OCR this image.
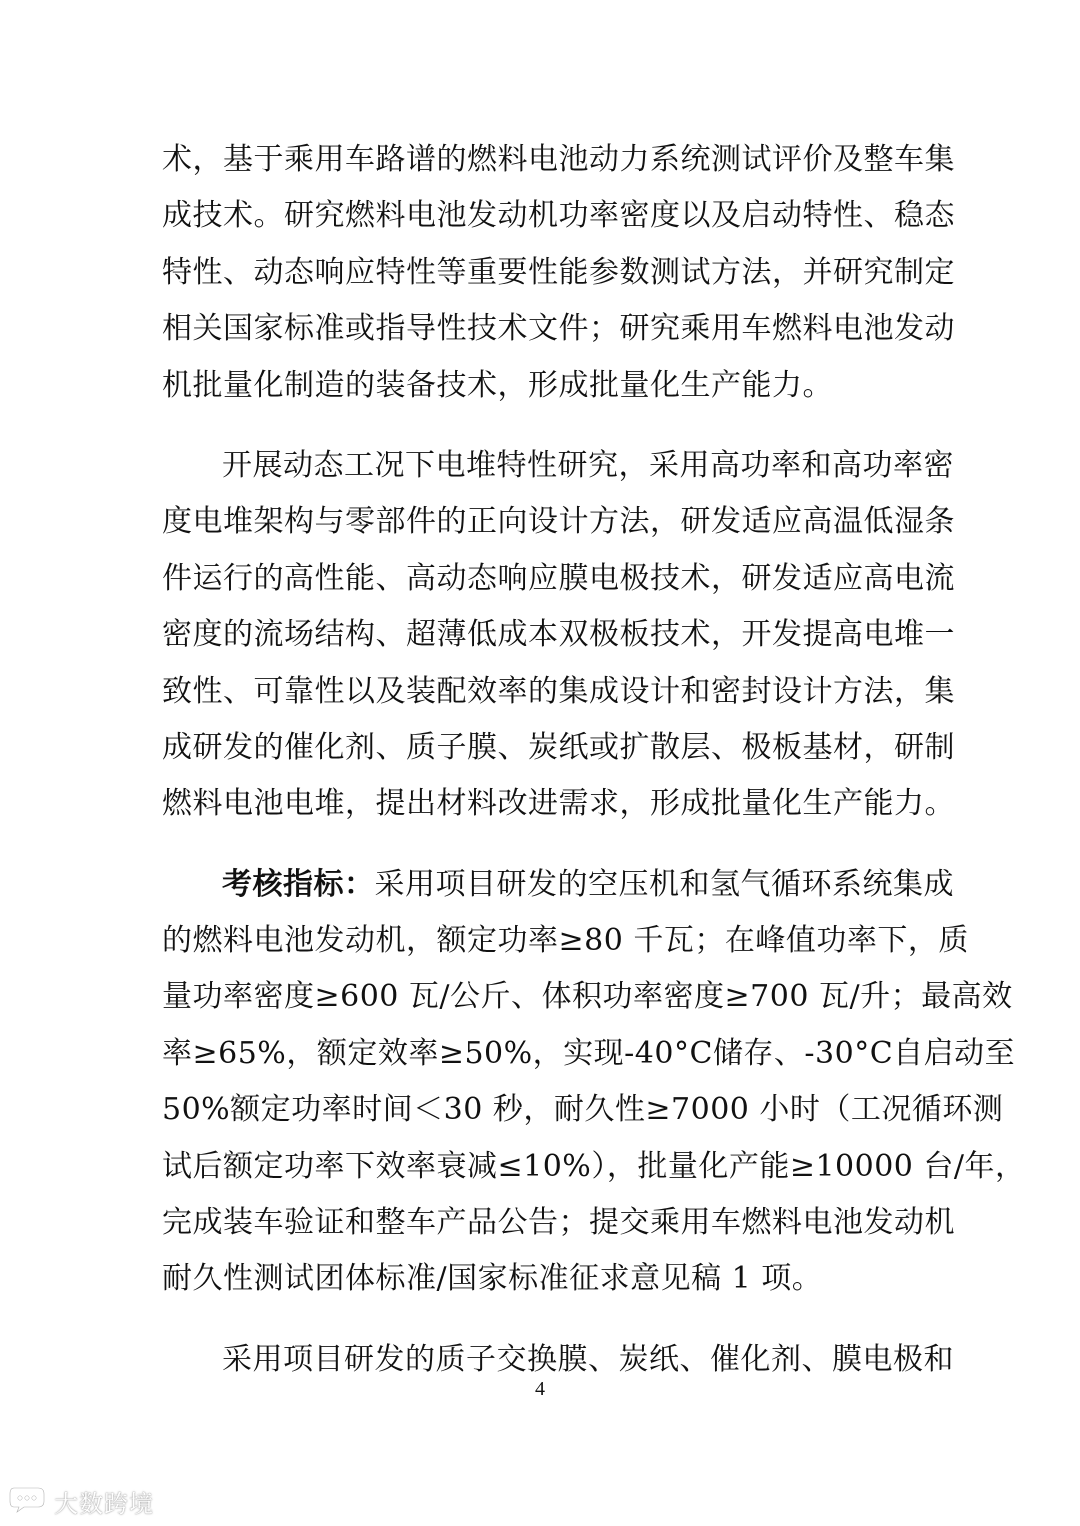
术，基于乘用车路谱的燃料电池动力系统测试评价及整车集
成技术。研究燃料电池发动机功率密度以及启动特性、稳态
特性、动态响应特性等重要性能参数测试方法，并研究制定
相关国家标准或指导性技术文件；研究乘用车燃料电池发动
机批量化制造的装备技术，形成批量化生产能力。
开展动态工况下电堆特性研究，采用高功率和高功率密
度电堆架构与零部件的正向设计方法，研发适应高温低湿条
件运行的高性能、高动态响应膜电极技术，研发适应高电流
密度的流场结构、超薄低成本双极板技术，开发提高电堆一
致性、可靠性以及装配效率的集成设计和密封设计方法，集
成研发的催化剂、质子膜、炭纸或扩散层、极板基材，研制
燃料电池电堆，提出材料改进需求，形成批量化生产能力。
考核指标：采用项目研发的空压机和氢气循环系统集成
的燃料电池发动机，额定功率≥80 千瓦；在峰值功率下，质
量功率密度≥600 瓦/公斤、体积功率密度≥700 瓦/升；最高效
率≥65%，额定效率≥50%，实现-40°C储存、-30°C自启动至
50%额定功率时间＜30 秒，耐久性≥7000 小时（工况循环测
试后额定功率下效率衰减≤10%），批量化产能≥10000 台/年，
完成装车验证和整车产品公告；提交乘用车燃料电池发动机
耐久性测试团体标准/国家标准征求意见稿 1 项。
采用项目研发的质子交换膜、炭纸、催化剂、膜电极和
4
大数跨境
